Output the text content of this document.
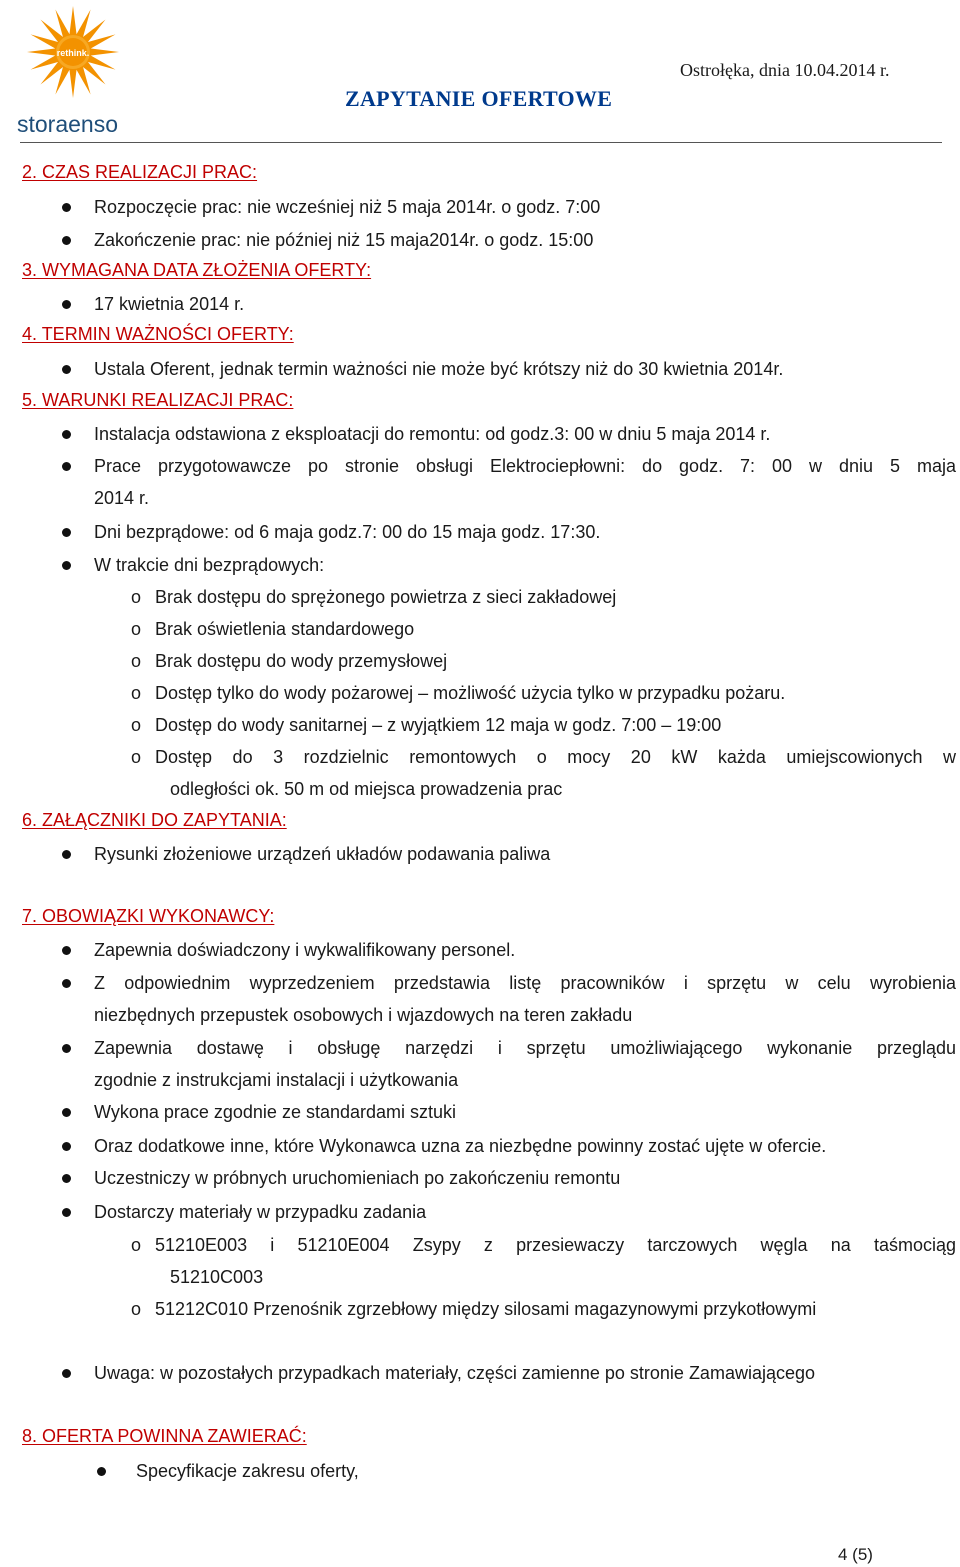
rethink.
storaenso
Ostrołęka, dnia 10.04.2014 r.
ZAPYTANIE OFERTOWE
2. CZAS REALIZACJI PRAC:
Rozpoczęcie prac: nie wcześniej niż 5 maja 2014r. o godz. 7:00
Zakończenie prac: nie później niż 15 maja2014r. o godz. 15:00
3. WYMAGANA DATA ZŁOŻENIA OFERTY:
17 kwietnia 2014 r.
4. TERMIN WAŻNOŚCI OFERTY:
Ustala Oferent, jednak termin ważności nie może być krótszy niż do 30 kwietnia 2014r.
5. WARUNKI REALIZACJI PRAC:
Instalacja odstawiona z eksploatacji do remontu: od godz.3: 00 w dniu 5 maja 2014 r.
Prace przygotowawcze po stronie obsługi Elektrociepłowni: do godz. 7: 00 w dniu 5 maja
2014 r.
Dni bezprądowe: od 6 maja godz.7: 00 do 15 maja godz. 17:30.
W trakcie dni bezprądowych:
o Brak dostępu do sprężonego powietrza z sieci zakładowej
o Brak oświetlenia standardowego
o Brak dostępu do wody przemysłowej
o Dostęp tylko do wody pożarowej – możliwość użycia tylko w przypadku pożaru.
o Dostęp do wody sanitarnej – z wyjątkiem 12 maja w godz. 7:00 – 19:00
o Dostęp do 3 rozdzielnic remontowych o mocy 20 kW każda umiejscowionych w
odległości ok. 50 m od miejsca prowadzenia prac
6. ZAŁĄCZNIKI DO ZAPYTANIA:
Rysunki złożeniowe urządzeń układów podawania paliwa
7. OBOWIĄZKI WYKONAWCY:
Zapewnia doświadczony i wykwalifikowany personel.
Z odpowiednim wyprzedzeniem przedstawia listę pracowników i sprzętu w celu wyrobienia
niezbędnych przepustek osobowych i wjazdowych na teren zakładu
Zapewnia dostawę i obsługę narzędzi i sprzętu umożliwiającego wykonanie przeglądu
zgodnie z instrukcjami instalacji i użytkowania
Wykona prace zgodnie ze standardami sztuki
Oraz dodatkowe inne, które Wykonawca uzna za niezbędne powinny zostać ujęte w ofercie.
Uczestniczy w próbnych uruchomieniach po zakończeniu remontu
Dostarczy materiały w przypadku zadania
o 51210E003 i 51210E004 Zsypy z przesiewaczy tarczowych węgla na taśmociąg
51210C003
o 51212C010 Przenośnik zgrzebłowy między silosami magazynowymi przykotłowymi
Uwaga: w pozostałych przypadkach materiały, części zamienne po stronie Zamawiającego
8. OFERTA POWINNA ZAWIERAĆ:
Specyfikacje zakresu oferty,
4 (5)
